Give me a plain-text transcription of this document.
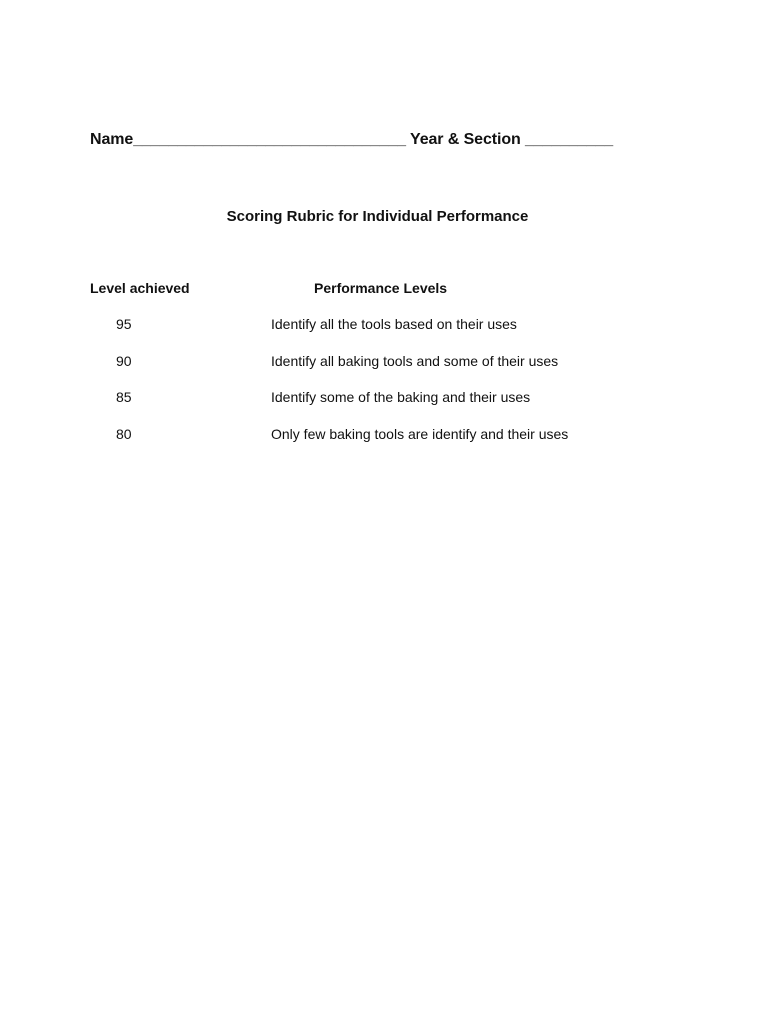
Name_______________________________ Year & Section __________
Scoring Rubric for Individual Performance
Level achieved	Performance Levels
95	Identify all the tools based on their uses
90	Identify all baking tools and some of their uses
85	Identify some of the baking and their uses
80	Only few baking tools are identify and their uses
